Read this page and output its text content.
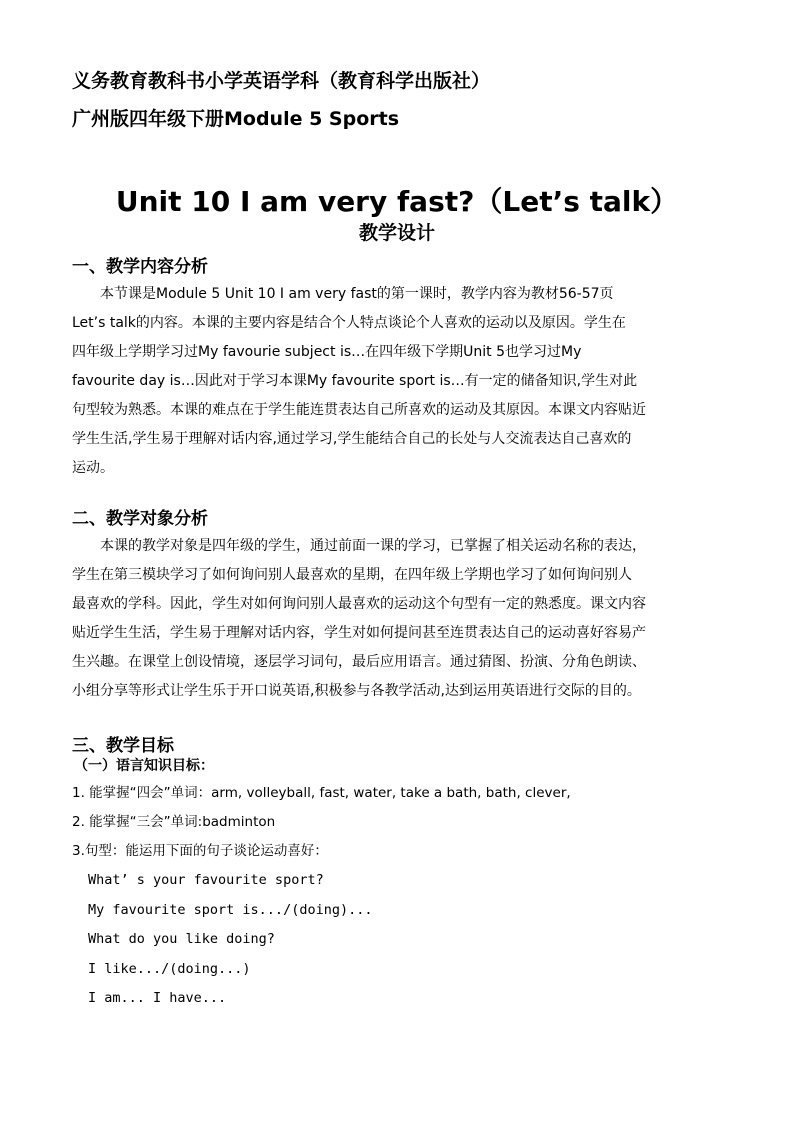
义务教育教科书小学英语学科（教育科学出版社）
广州版四年级下册Module 5 Sports
Unit 10 I am very fast?（Let’s talk）
教学设计
一、教学内容分析
　　本节课是Module 5 Unit 10 I am very fast的第一课时，教学内容为教材56-57页
Let’s talk的内容。本课的主要内容是结合个人特点谈论个人喜欢的运动以及原因。学生在
四年级上学期学习过My favourie subject is…在四年级下学期Unit 5也学习过My
favourite day is…因此对于学习本课My favourite sport is…有一定的储备知识,学生对此
句型较为熟悉。本课的难点在于学生能连贯表达自己所喜欢的运动及其原因。本课文内容贴近
学生生活,学生易于理解对话内容,通过学习,学生能结合自己的长处与人交流表达自己喜欢的
运动。
二、教学对象分析
　　本课的教学对象是四年级的学生，通过前面一课的学习，已掌握了相关运动名称的表达，
学生在第三模块学习了如何询问别人最喜欢的星期，在四年级上学期也学习了如何询问别人
最喜欢的学科。因此，学生对如何询问别人最喜欢的运动这个句型有一定的熟悉度。课文内容
贴近学生生活，学生易于理解对话内容，学生对如何提问甚至连贯表达自己的运动喜好容易产
生兴趣。在课堂上创设情境，逐层学习词句，最后应用语言。通过猜图、扮演、分角色朗读、
小组分享等形式让学生乐于开口说英语,积极参与各教学活动,达到运用英语进行交际的目的。
三、教学目标
（一）语言知识目标：
1. 能掌握“四会”单词：arm, volleyball, fast, water, take a bath, bath, clever,
2. 能掌握“三会”单词:badminton
3.句型：能运用下面的句子谈论运动喜好：
What’ s your favourite sport?
My favourite sport is.../(doing)...
What do you like doing?
I like.../(doing...)
I am... I have...
